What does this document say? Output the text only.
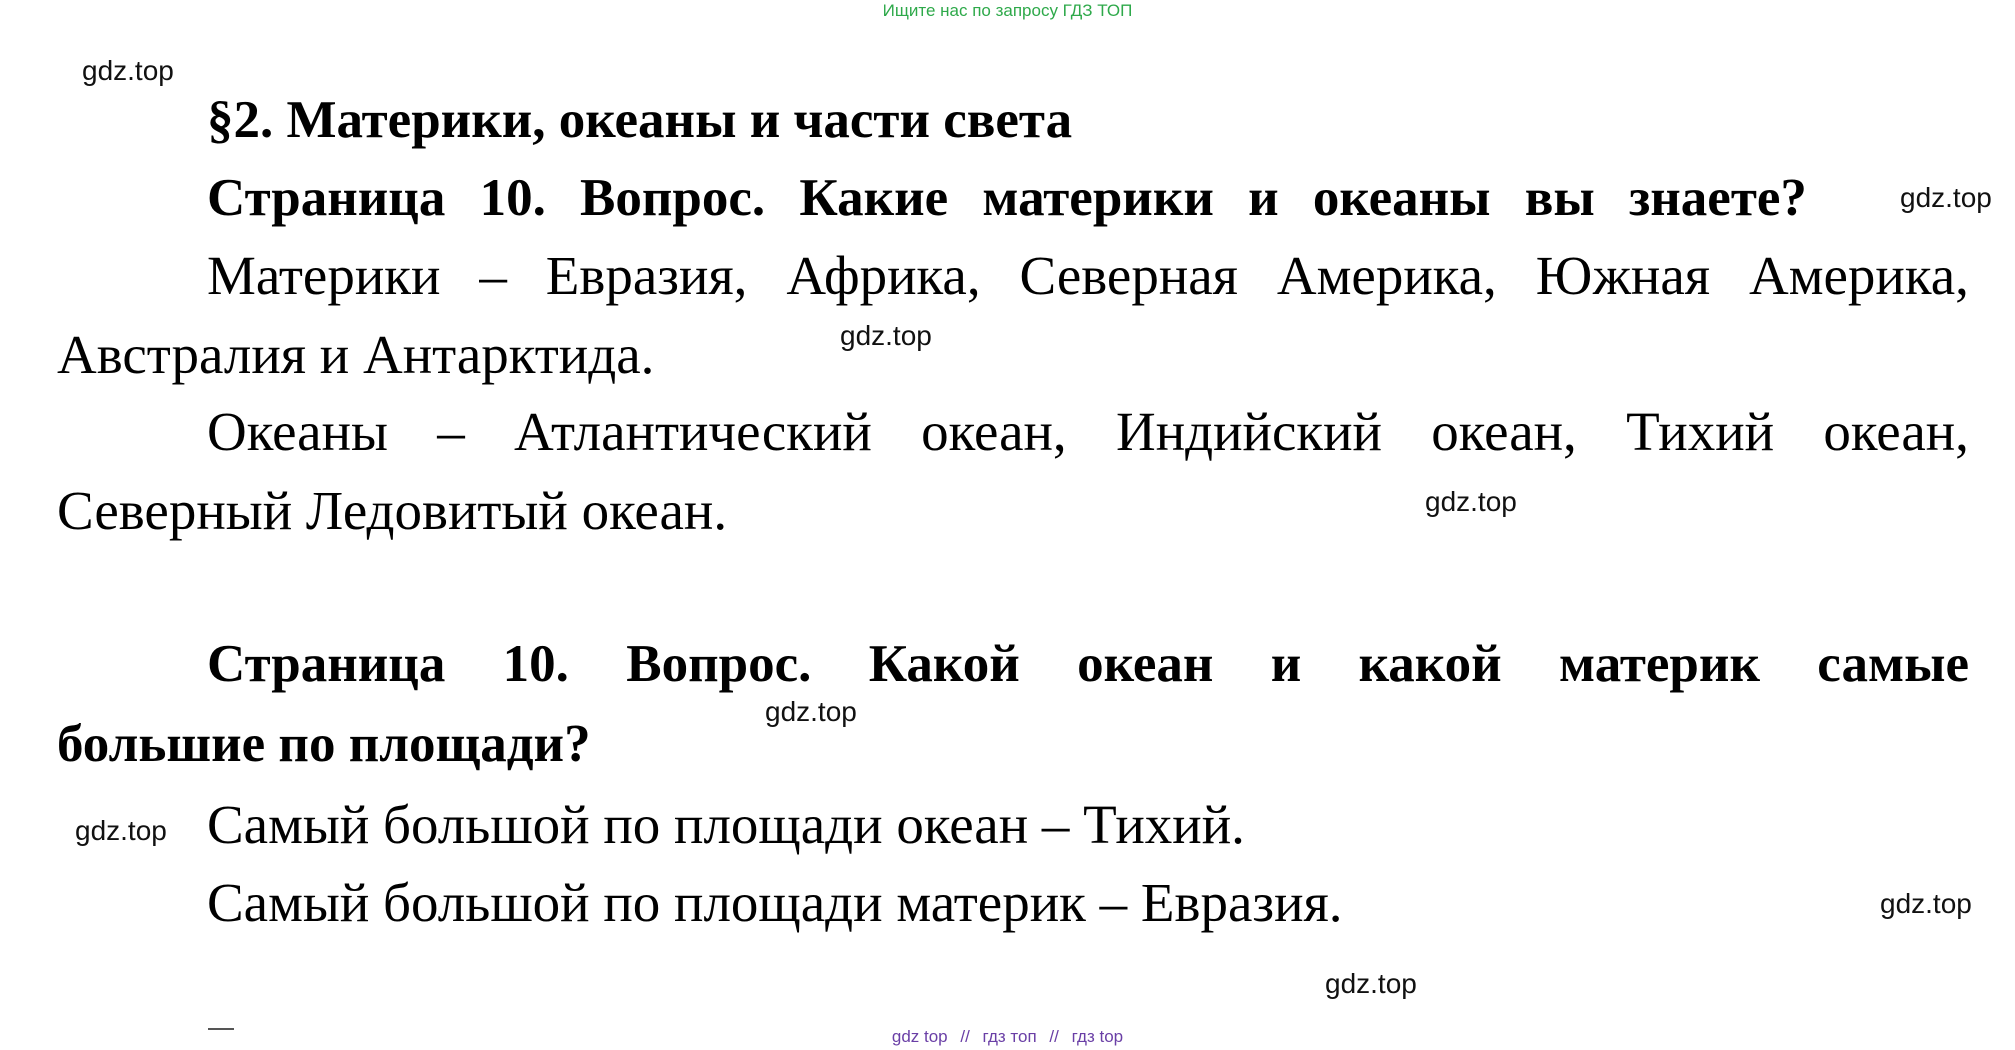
Ищите нас по запросу ГДЗ ТОП
gdz.top
§2. Материки, океаны и части света
Страница 10. Вопрос. Какие материки и океаны вы знаете?	gdz.top
Материки – Евразия, Африка, Северная Америка, Южная Америка,
Австралия и Антарктида.	gdz.top
Океаны – Атлантический океан, Индийский океан, Тихий океан,
Северный Ледовитый океан.	gdz.top
Страница 10. Вопрос. Какой океан и какой материк самые
gdz.top
большие по площади?
gdz.top Самый большой по площади океан – Тихий.
Самый большой по площади материк – Евразия.	gdz.top
gdz.top
gdz top // гдз топ // гдз top
